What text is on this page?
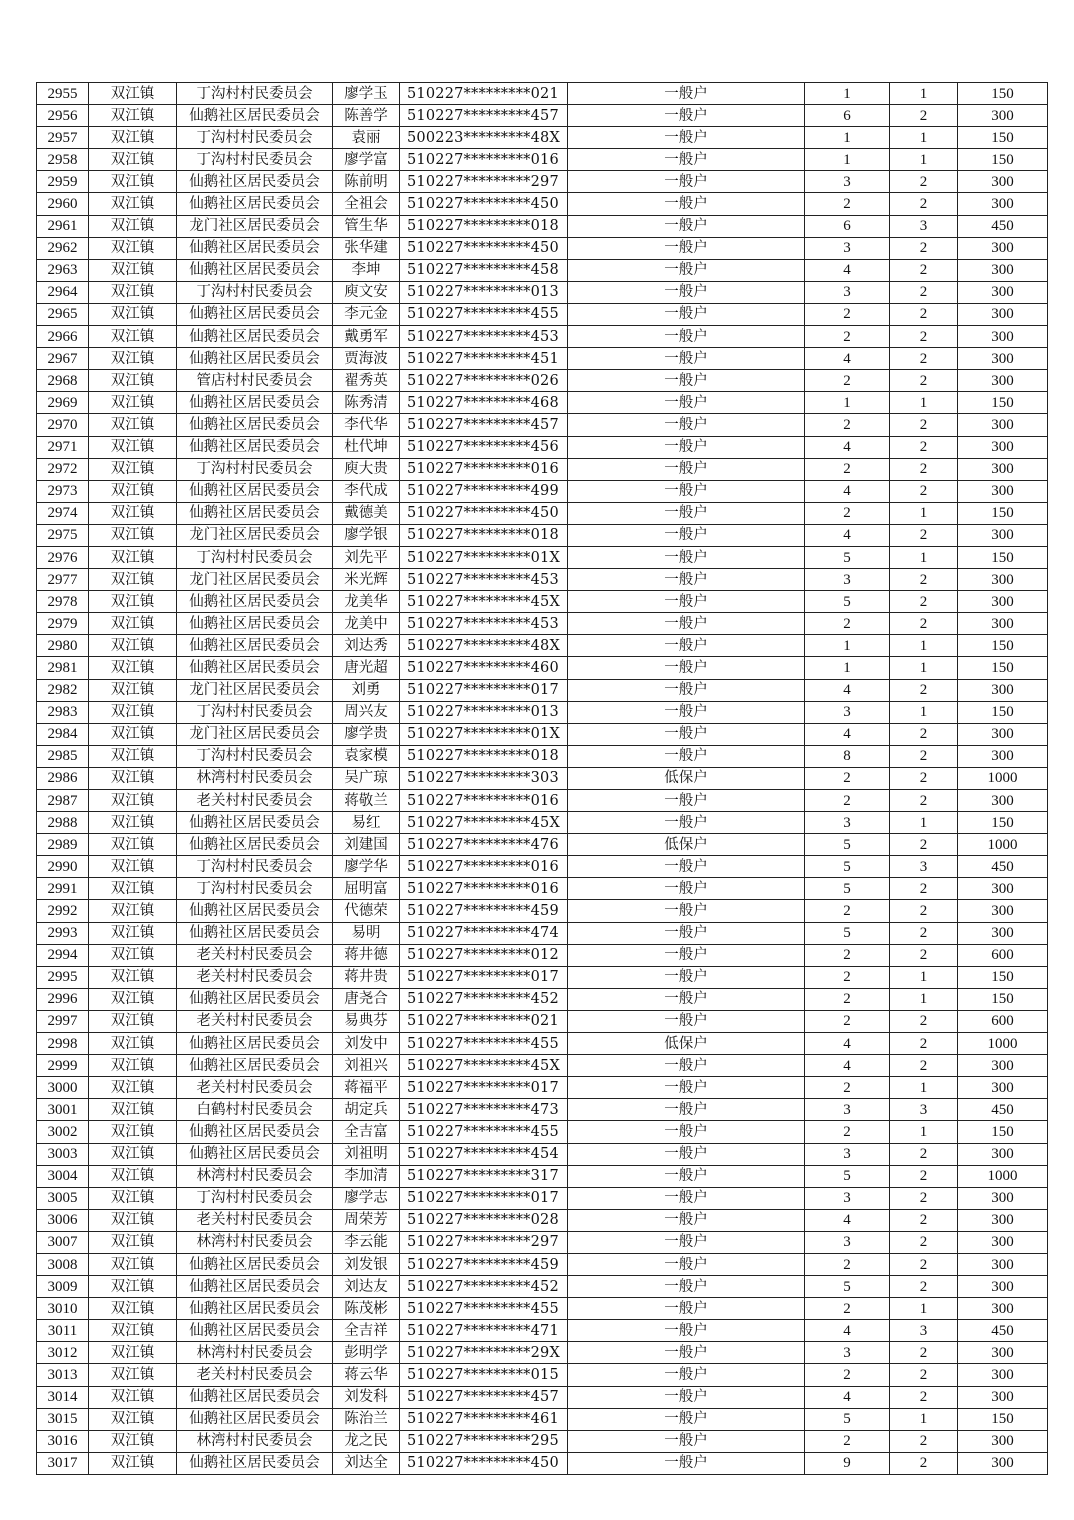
2955	双江镇	丁沟村村民委员会	廖学玉	510227*********021	一般户	1	1	150
2956	双江镇	仙鹅社区居民委员会	陈善学	510227*********457	一般户	6	2	300
2957	双江镇	丁沟村村民委员会	袁丽	500223*********48X	一般户	1	1	150
2958	双江镇	丁沟村村民委员会	廖学富	510227*********016	一般户	1	1	150
2959	双江镇	仙鹅社区居民委员会	陈前明	510227*********297	一般户	3	2	300
2960	双江镇	仙鹅社区居民委员会	全祖会	510227*********450	一般户	2	2	300
2961	双江镇	龙门社区居民委员会	管生华	510227*********018	一般户	6	3	450
2962	双江镇	仙鹅社区居民委员会	张华建	510227*********450	一般户	3	2	300
2963	双江镇	仙鹅社区居民委员会	李坤	510227*********458	一般户	4	2	300
2964	双江镇	丁沟村村民委员会	庾文安	510227*********013	一般户	3	2	300
2965	双江镇	仙鹅社区居民委员会	李元金	510227*********455	一般户	2	2	300
2966	双江镇	仙鹅社区居民委员会	戴勇军	510227*********453	一般户	2	2	300
2967	双江镇	仙鹅社区居民委员会	贾海波	510227*********451	一般户	4	2	300
2968	双江镇	管店村村民委员会	翟秀英	510227*********026	一般户	2	2	300
2969	双江镇	仙鹅社区居民委员会	陈秀清	510227*********468	一般户	1	1	150
2970	双江镇	仙鹅社区居民委员会	李代华	510227*********457	一般户	2	2	300
2971	双江镇	仙鹅社区居民委员会	杜代坤	510227*********456	一般户	4	2	300
2972	双江镇	丁沟村村民委员会	庾大贵	510227*********016	一般户	2	2	300
2973	双江镇	仙鹅社区居民委员会	李代成	510227*********499	一般户	4	2	300
2974	双江镇	仙鹅社区居民委员会	戴德美	510227*********450	一般户	2	1	150
2975	双江镇	龙门社区居民委员会	廖学银	510227*********018	一般户	4	2	300
2976	双江镇	丁沟村村民委员会	刘先平	510227*********01X	一般户	5	1	150
2977	双江镇	龙门社区居民委员会	米光辉	510227*********453	一般户	3	2	300
2978	双江镇	仙鹅社区居民委员会	龙美华	510227*********45X	一般户	5	2	300
2979	双江镇	仙鹅社区居民委员会	龙美中	510227*********453	一般户	2	2	300
2980	双江镇	仙鹅社区居民委员会	刘达秀	510227*********48X	一般户	1	1	150
2981	双江镇	仙鹅社区居民委员会	唐光超	510227*********460	一般户	1	1	150
2982	双江镇	龙门社区居民委员会	刘勇	510227*********017	一般户	4	2	300
2983	双江镇	丁沟村村民委员会	周兴友	510227*********013	一般户	3	1	150
2984	双江镇	龙门社区居民委员会	廖学贵	510227*********01X	一般户	4	2	300
2985	双江镇	丁沟村村民委员会	袁家模	510227*********018	一般户	8	2	300
2986	双江镇	林湾村村民委员会	吴广琼	510227*********303	低保户	2	2	1000
2987	双江镇	老关村村民委员会	蒋敬兰	510227*********016	一般户	2	2	300
2988	双江镇	仙鹅社区居民委员会	易红	510227*********45X	一般户	3	1	150
2989	双江镇	仙鹅社区居民委员会	刘建国	510227*********476	低保户	5	2	1000
2990	双江镇	丁沟村村民委员会	廖学华	510227*********016	一般户	5	3	450
2991	双江镇	丁沟村村民委员会	屈明富	510227*********016	一般户	5	2	300
2992	双江镇	仙鹅社区居民委员会	代德荣	510227*********459	一般户	2	2	300
2993	双江镇	仙鹅社区居民委员会	易明	510227*********474	一般户	5	2	300
2994	双江镇	老关村村民委员会	蒋井德	510227*********012	一般户	2	2	600
2995	双江镇	老关村村民委员会	蒋井贵	510227*********017	一般户	2	1	150
2996	双江镇	仙鹅社区居民委员会	唐尧合	510227*********452	一般户	2	1	150
2997	双江镇	老关村村民委员会	易典芬	510227*********021	一般户	2	2	600
2998	双江镇	仙鹅社区居民委员会	刘发中	510227*********455	低保户	4	2	1000
2999	双江镇	仙鹅社区居民委员会	刘祖兴	510227*********45X	一般户	4	2	300
3000	双江镇	老关村村民委员会	蒋福平	510227*********017	一般户	2	1	300
3001	双江镇	白鹤村村民委员会	胡定兵	510227*********473	一般户	3	3	450
3002	双江镇	仙鹅社区居民委员会	全吉富	510227*********455	一般户	2	1	150
3003	双江镇	仙鹅社区居民委员会	刘祖明	510227*********454	一般户	3	2	300
3004	双江镇	林湾村村民委员会	李加清	510227*********317	一般户	5	2	1000
3005	双江镇	丁沟村村民委员会	廖学志	510227*********017	一般户	3	2	300
3006	双江镇	老关村村民委员会	周荣芳	510227*********028	一般户	4	2	300
3007	双江镇	林湾村村民委员会	李云能	510227*********297	一般户	3	2	300
3008	双江镇	仙鹅社区居民委员会	刘发银	510227*********459	一般户	2	2	300
3009	双江镇	仙鹅社区居民委员会	刘达友	510227*********452	一般户	5	2	300
3010	双江镇	仙鹅社区居民委员会	陈茂彬	510227*********455	一般户	2	1	300
3011	双江镇	仙鹅社区居民委员会	全吉祥	510227*********471	一般户	4	3	450
3012	双江镇	林湾村村民委员会	彭明学	510227*********29X	一般户	3	2	300
3013	双江镇	老关村村民委员会	蒋云华	510227*********015	一般户	2	2	300
3014	双江镇	仙鹅社区居民委员会	刘发科	510227*********457	一般户	4	2	300
3015	双江镇	仙鹅社区居民委员会	陈治兰	510227*********461	一般户	5	1	150
3016	双江镇	林湾村村民委员会	龙之民	510227*********295	一般户	2	2	300
3017	双江镇	仙鹅社区居民委员会	刘达全	510227*********450	一般户	9	2	300
